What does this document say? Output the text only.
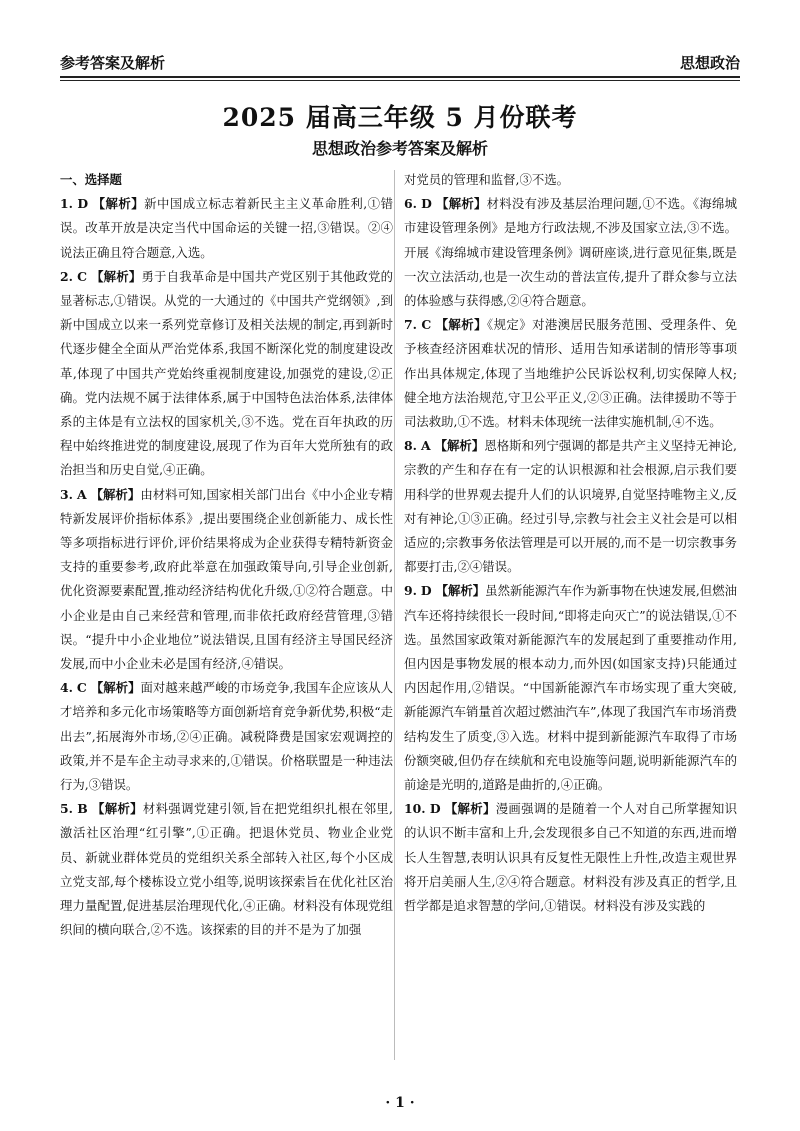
参考答案及解析	思想政治
2025 届高三年级 5 月份联考
思想政治参考答案及解析
一、选择题

1. D 【解析】新中国成立标志着新民主主义革命胜利,①错误。改革开放是决定当代中国命运的关键一招,③错误。②④说法正确且符合题意,入选。

2. C 【解析】勇于自我革命是中国共产党区别于其他政党的显著标志,①错误。从党的一大通过的《中国共产党纲领》,到新中国成立以来一系列党章修订及相关法规的制定,再到新时代逐步健全全面从严治党体系,我国不断深化党的制度建设改革,体现了中国共产党始终重视制度建设,加强党的建设,②正确。党内法规不属于法律体系,属于中国特色法治体系,法律体系的主体是有立法权的国家机关,③不选。党在百年执政的历程中始终推进党的制度建设,展现了作为百年大党所独有的政治担当和历史自觉,④正确。

3. A 【解析】由材料可知,国家相关部门出台《中小企业专精特新发展评价指标体系》,提出要围绕企业创新能力、成长性等多项指标进行评价,评价结果将成为企业获得专精特新资金支持的重要参考,政府此举意在加强政策导向,引导企业创新,优化资源要素配置,推动经济结构优化升级,①②符合题意。中小企业是由自己来经营和管理,而非依托政府经营管理,③错误。“提升中小企业地位”说法错误,且国有经济主导国民经济发展,而中小企业未必是国有经济,④错误。

4. C 【解析】面对越来越严峻的市场竞争,我国车企应该从人才培养和多元化市场策略等方面创新培育竞争新优势,积极“走出去”,拓展海外市场,②④正确。减税降费是国家宏观调控的政策,并不是车企主动寻求来的,①错误。价格联盟是一种违法行为,③错误。

5. B 【解析】材料强调党建引领,旨在把党组织扎根在邻里,激活社区治理“红引擎”,①正确。把退休党员、物业企业党员、新就业群体党员的党组织关系全部转入社区,每个小区成立党支部,每个楼栋设立党小组等,说明该探索旨在优化社区治理力量配置,促进基层治理现代化,④正确。材料没有体现党组织间的横向联合,②不选。该探索的目的并不是为了加强

对党员的管理和监督,③不选。

6. D 【解析】材料没有涉及基层治理问题,①不选。《海绵城市建设管理条例》是地方行政法规,不涉及国家立法,③不选。开展《海绵城市建设管理条例》调研座谈,进行意见征集,既是一次立法活动,也是一次生动的普法宣传,提升了群众参与立法的体验感与获得感,②④符合题意。

7. C 【解析】《规定》对港澳居民服务范围、受理条件、免予核查经济困难状况的情形、适用告知承诺制的情形等事项作出具体规定,体现了当地维护公民诉讼权利,切实保障人权;健全地方法治规范,守卫公平正义,②③正确。法律援助不等于司法救助,①不选。材料未体现统一法律实施机制,④不选。

8. A 【解析】恩格斯和列宁强调的都是共产主义坚持无神论,宗教的产生和存在有一定的认识根源和社会根源,启示我们要用科学的世界观去提升人们的认识境界,自觉坚持唯物主义,反对有神论,①③正确。经过引导,宗教与社会主义社会是可以相适应的;宗教事务依法管理是可以开展的,而不是一切宗教事务都要打击,②④错误。

9. D 【解析】虽然新能源汽车作为新事物在快速发展,但燃油汽车还将持续很长一段时间,“即将走向灭亡”的说法错误,①不选。虽然国家政策对新能源汽车的发展起到了重要推动作用,但内因是事物发展的根本动力,而外因(如国家支持)只能通过内因起作用,②错误。“中国新能源汽车市场实现了重大突破,新能源汽车销量首次超过燃油汽车”,体现了我国汽车市场消费结构发生了质变,③入选。材料中提到新能源汽车取得了市场份额突破,但仍存在续航和充电设施等问题,说明新能源汽车的前途是光明的,道路是曲折的,④正确。

10. D 【解析】漫画强调的是随着一个人对自己所掌握知识的认识不断丰富和上升,会发现很多自己不知道的东西,进而增长人生智慧,表明认识具有反复性无限性上升性,改造主观世界将开启美丽人生,②④符合题意。材料没有涉及真正的哲学,且哲学都是追求智慧的学问,①错误。材料没有涉及实践的

· 1 ·
